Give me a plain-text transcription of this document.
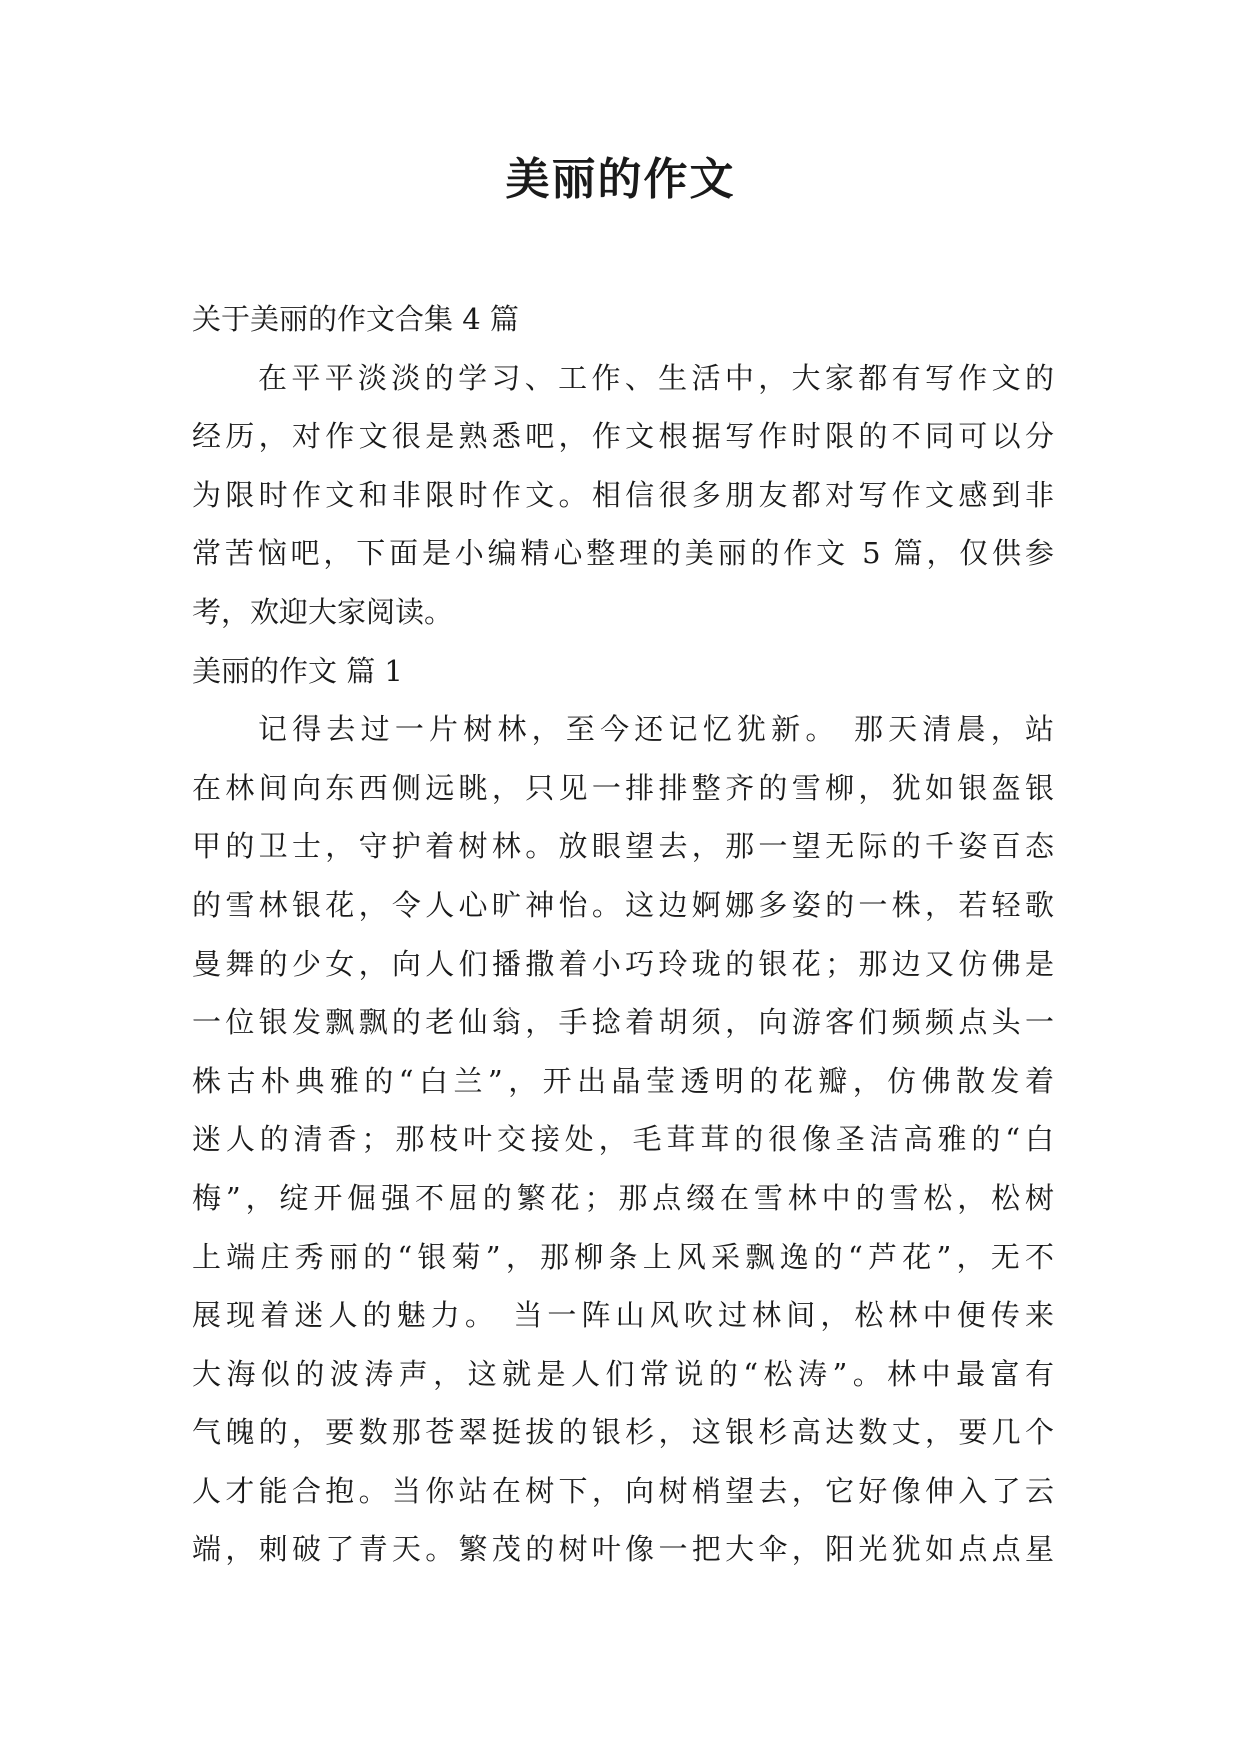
美丽的作文
关于美丽的作文合集 4 篇
在平平淡淡的学习、工作、生活中，大家都有写作文的
经历，对作文很是熟悉吧，作文根据写作时限的不同可以分
为限时作文和非限时作文。相信很多朋友都对写作文感到非
常苦恼吧，下面是小编精心整理的美丽的作文 5 篇，仅供参
考，欢迎大家阅读。
美丽的作文 篇 1
记得去过一片树林，至今还记忆犹新。 那天清晨，站
在林间向东西侧远眺，只见一排排整齐的雪柳，犹如银盔银
甲的卫士，守护着树林。放眼望去，那一望无际的千姿百态
的雪林银花，令人心旷神怡。这边婀娜多姿的一株，若轻歌
曼舞的少女，向人们播撒着小巧玲珑的银花；那边又仿佛是
一位银发飘飘的老仙翁，手捻着胡须，向游客们频频点头一
株古朴典雅的“白兰”，开出晶莹透明的花瓣，仿佛散发着
迷人的清香；那枝叶交接处，毛茸茸的很像圣洁高雅的“白
梅”，绽开倔强不屈的繁花；那点缀在雪林中的雪松，松树
上端庄秀丽的“银菊”，那柳条上风采飘逸的“芦花”，无不
展现着迷人的魅力。 当一阵山风吹过林间，松林中便传来
大海似的波涛声，这就是人们常说的“松涛”。林中最富有
气魄的，要数那苍翠挺拔的银杉，这银杉高达数丈，要几个
人才能合抱。当你站在树下，向树梢望去，它好像伸入了云
端，刺破了青天。繁茂的树叶像一把大伞，阳光犹如点点星
